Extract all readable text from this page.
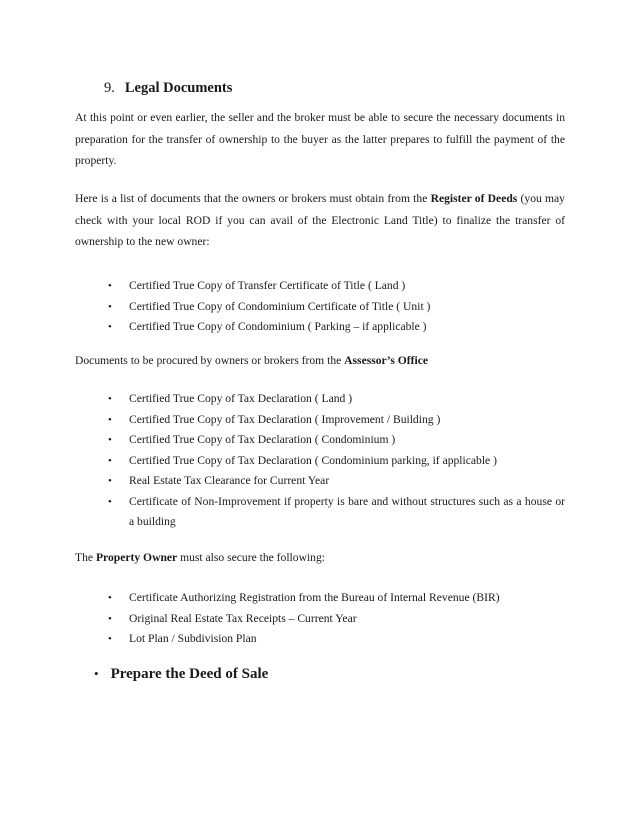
9. Legal Documents
At this point or even earlier, the seller and the broker must be able to secure the necessary documents in preparation for the transfer of ownership to the buyer as the latter prepares to fulfill the payment of the property.
Here is a list of documents that the owners or brokers must obtain from the Register of Deeds (you may check with your local ROD if you can avail of the Electronic Land Title) to finalize the transfer of ownership to the new owner:
• Certified True Copy of Transfer Certificate of Title ( Land )
• Certified True Copy of Condominium Certificate of Title ( Unit )
• Certified True Copy of Condominium ( Parking – if applicable )
Documents to be procured by owners or brokers from the Assessor’s Office
• Certified True Copy of Tax Declaration ( Land )
• Certified True Copy of Tax Declaration ( Improvement / Building )
• Certified True Copy of Tax Declaration ( Condominium )
• Certified True Copy of Tax Declaration ( Condominium parking, if applicable )
• Real Estate Tax Clearance for Current Year
• Certificate of Non-Improvement if property is bare and without structures such as a house or a building
The Property Owner must also secure the following:
• Certificate Authorizing Registration from the Bureau of Internal Revenue (BIR)
• Original Real Estate Tax Receipts – Current Year
• Lot Plan / Subdivision Plan
• Prepare the Deed of Sale
